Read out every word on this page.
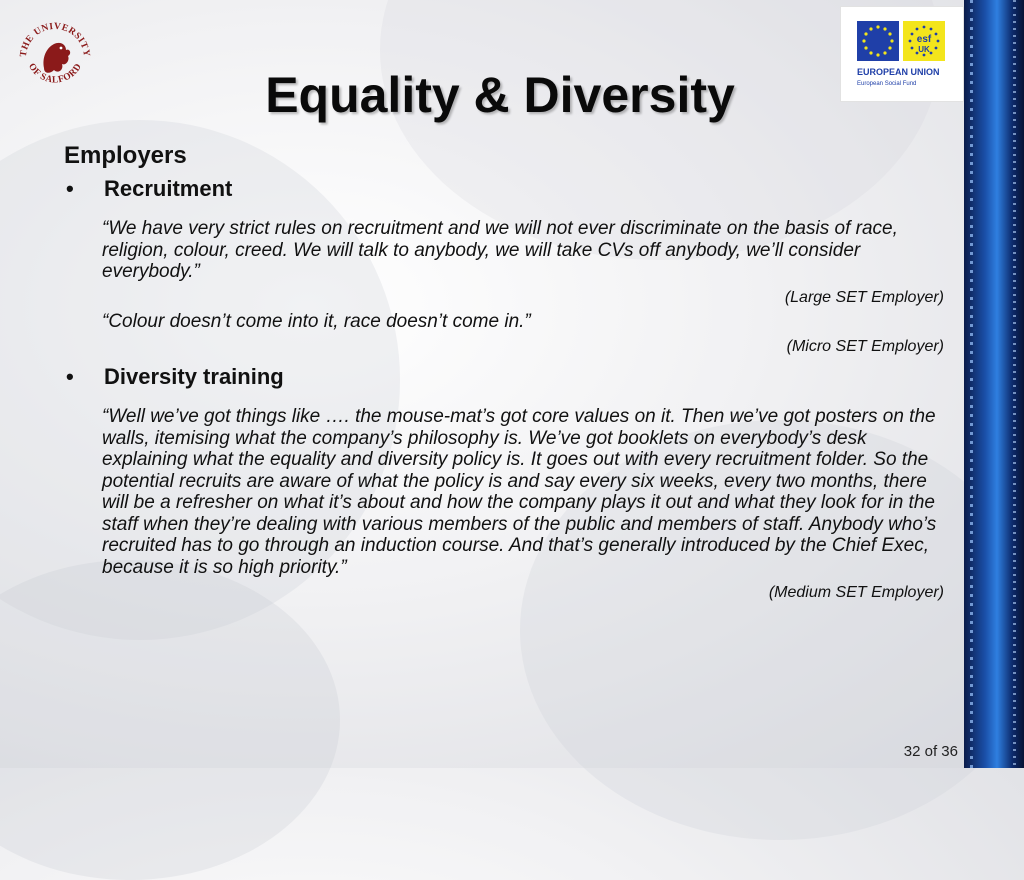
THE UNIVERSITY
OF SALFORD
esf
UK
EUROPEAN UNION
European Social Fund
Equality & Diversity
Employers
•	Recruitment
“We have very strict rules on recruitment and we will not ever discriminate on the basis of race, religion, colour, creed. We will talk to anybody, we will take CVs off anybody, we’ll consider everybody.”
(Large SET Employer)
“Colour doesn’t come into it, race doesn’t come in.”
(Micro SET Employer)
•	Diversity training
“Well we’ve got things like …. the mouse-mat’s got core values on it. Then we’ve got posters on the walls, itemising what the company’s philosophy is. We’ve got booklets on everybody’s desk explaining what the equality and diversity policy is. It goes out with every recruitment folder. So the potential recruits are aware of what the policy is and say every six weeks, every two months, there will be a refresher on what it’s about and how the company plays it out and what they look for in the staff when they’re dealing with various members of the public and members of staff. Anybody who’s recruited has to go through an induction course. And that’s generally introduced by the Chief Exec, because it is so high priority.”
(Medium SET Employer)
32 of 36
